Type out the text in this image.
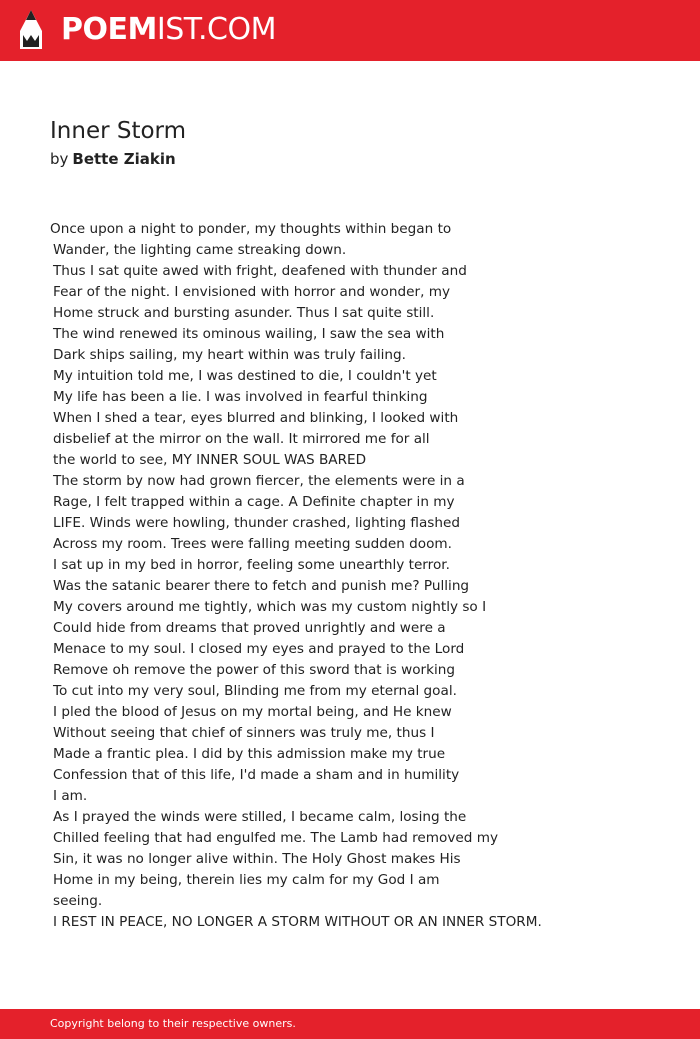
POEMIST.COM
Inner Storm
by Bette Ziakin
Once upon a night to ponder, my thoughts within began to
Wander, the lighting came streaking down.
Thus I sat quite awed with fright, deafened with thunder and
Fear of the night. I envisioned with horror and wonder, my
Home struck and bursting asunder. Thus I sat quite still.
The wind renewed its ominous wailing, I saw the sea with
Dark ships sailing, my heart within was truly failing.
My intuition told me, I was destined to die, I couldn't yet
My life has been a lie. I was involved in fearful thinking
When I shed a tear, eyes blurred and blinking, I looked with
disbelief at the mirror on the wall. It mirrored me for all
the world to see, MY INNER SOUL WAS BARED
The storm by now had grown fiercer, the elements were in a
Rage, I felt trapped within a cage. A Definite chapter in my
LIFE. Winds were howling, thunder crashed, lighting flashed
Across my room. Trees were falling meeting sudden doom.
I sat up in my bed in horror, feeling some unearthly terror.
Was the satanic bearer there to fetch and punish me? Pulling
My covers around me tightly, which was my custom nightly so I
Could hide from dreams that proved unrightly and were a
Menace to my soul. I closed my eyes and prayed to the Lord
Remove oh remove the power of this sword that is working
To cut into my very soul, Blinding me from my eternal goal.
I pled the blood of Jesus on my mortal being, and He knew
Without seeing that chief of sinners was truly me, thus I
Made a frantic plea. I did by this admission make my true
Confession that of this life, I'd made a sham and in humility
I am.
As I prayed the winds were stilled, I became calm, losing the
Chilled feeling that had engulfed me. The Lamb had removed my
Sin, it was no longer alive within. The Holy Ghost makes His
Home in my being, therein lies my calm for my God I am
seeing.
I REST IN PEACE, NO LONGER A STORM WITHOUT OR AN INNER STORM.
Copyright belong to their respective owners.
